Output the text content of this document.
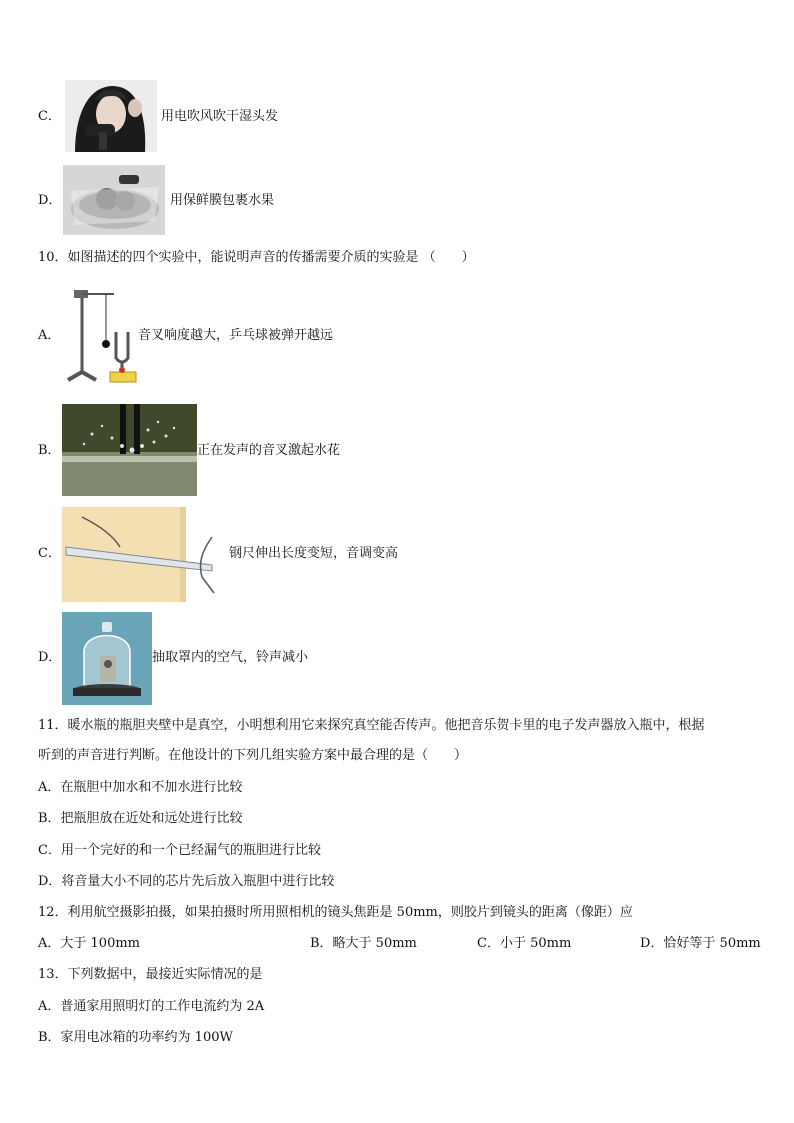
C．	用电吹风吹干湿头发
D．	用保鲜膜包裹水果
10．如图描述的四个实验中，能说明声音的传播需要介质的实验是 （　　）
A．	音叉响度越大，乒乓球被弹开越远
B．	正在发声的音叉激起水花
C．	钢尺伸出长度变短，音调变高
D．	抽取罩内的空气，铃声减小
11．暖水瓶的瓶胆夹壁中是真空，小明想利用它来探究真空能否传声。他把音乐贺卡里的电子发声器放入瓶中，根据
听到的声音进行判断。在他设计的下列几组实验方案中最合理的是（　　）
A．在瓶胆中加水和不加水进行比较
B．把瓶胆放在近处和远处进行比较
C．用一个完好的和一个已经漏气的瓶胆进行比较
D．将音量大小不同的芯片先后放入瓶胆中进行比较
12．利用航空摄影拍摄，如果拍摄时所用照相机的镜头焦距是 50mm，则胶片到镜头的距离（像距）应
A．大于 100mm	B．略大于 50mm	C．小于 50mm	D．恰好等于 50mm
13．下列数据中，最接近实际情况的是
A．普通家用照明灯的工作电流约为 2A
B．家用电冰箱的功率约为 100W
